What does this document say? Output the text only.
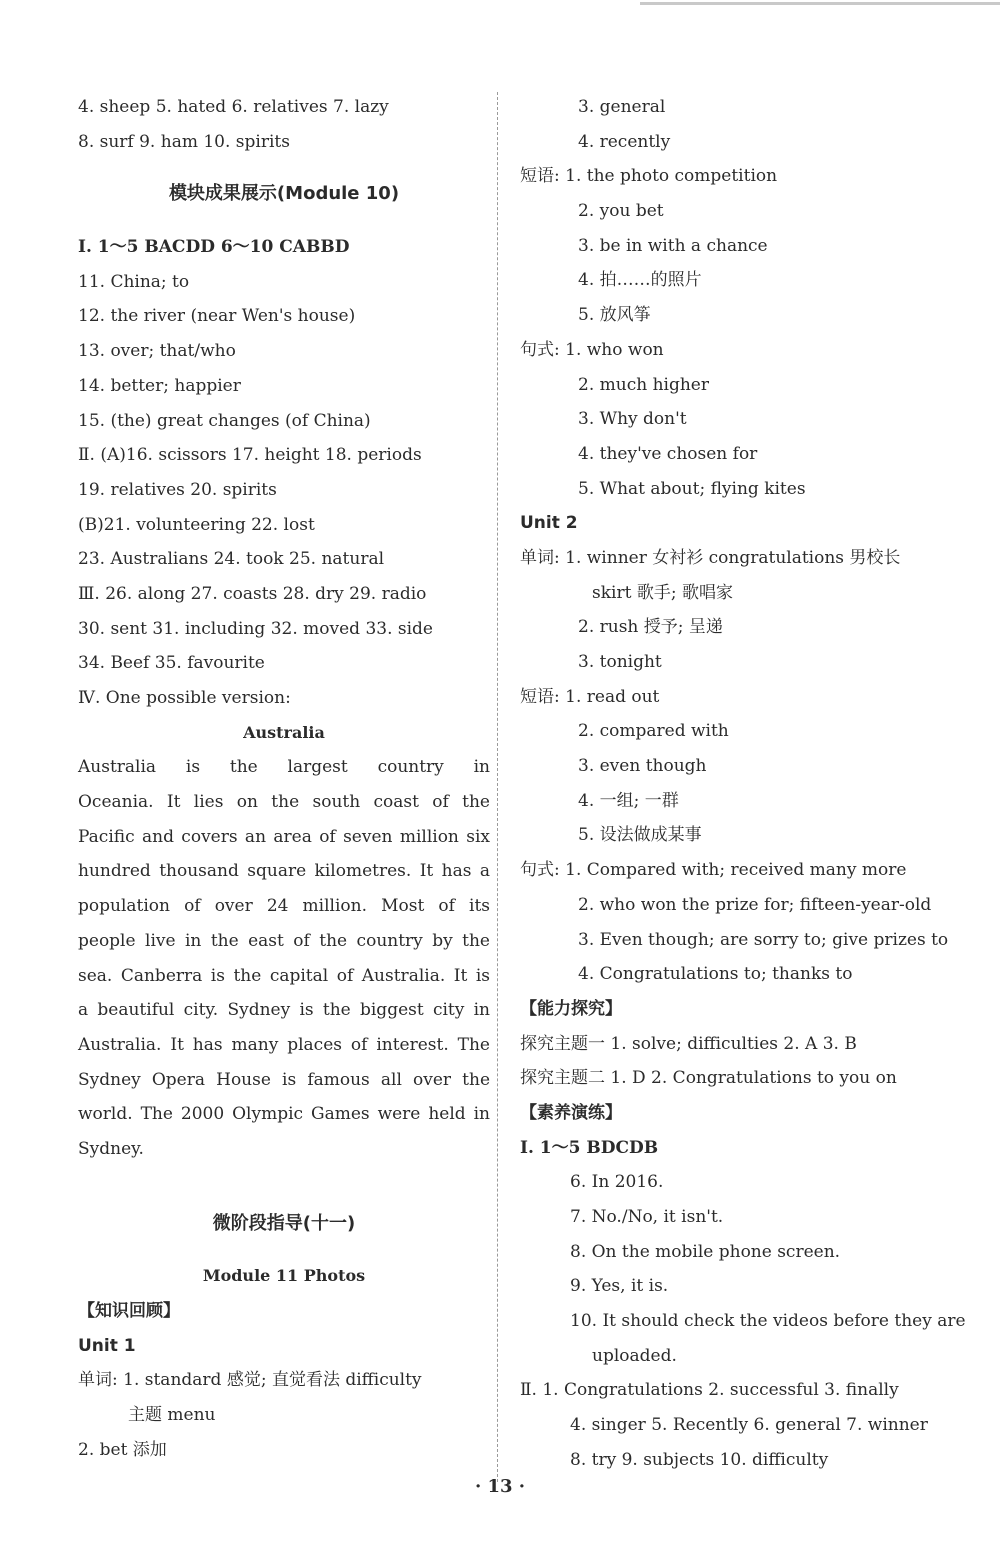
4. sheep 5. hated 6. relatives 7. lazy
8. surf 9. ham 10. spirits
模块成果展示(Module 10)
Ⅰ. 1～5 BACDD 6～10 CABBD
11. China; to
12. the river (near Wen's house)
13. over; that/who
14. better; happier
15. (the) great changes (of China)
Ⅱ. (A)16. scissors 17. height 18. periods
19. relatives 20. spirits
(B)21. volunteering 22. lost
23. Australians 24. took 25. natural
Ⅲ. 26. along 27. coasts 28. dry 29. radio
30. sent 31. including 32. moved 33. side
34. Beef 35. favourite
Ⅳ. One possible version:
Australia
Australia is the largest country in
Oceania. It lies on the south coast of the
Pacific and covers an area of seven million six
hundred thousand square kilometres. It has a
population of over 24 million. Most of its
people live in the east of the country by the
sea. Canberra is the capital of Australia. It is
a beautiful city. Sydney is the biggest city in
Australia. It has many places of interest. The
Sydney Opera House is famous all over the
world. The 2000 Olympic Games were held in
Sydney.
微阶段指导(十一)
Module 11 Photos
【知识回顾】
Unit 1
单词: 1. standard 感觉; 直觉看法 difficulty
主题 menu
2. bet 添加
3. general
4. recently
短语: 1. the photo competition
2. you bet
3. be in with a chance
4. 拍……的照片
5. 放风筝
句式: 1. who won
2. much higher
3. Why don't
4. they've chosen for
5. What about; flying kites
Unit 2
单词: 1. winner 女衬衫 congratulations 男校长
skirt 歌手; 歌唱家
2. rush 授予; 呈递
3. tonight
短语: 1. read out
2. compared with
3. even though
4. 一组; 一群
5. 设法做成某事
句式: 1. Compared with; received many more
2. who won the prize for; fifteen-year-old
3. Even though; are sorry to; give prizes to
4. Congratulations to; thanks to
【能力探究】
探究主题一 1. solve; difficulties 2. A 3. B
探究主题二 1. D 2. Congratulations to you on
【素养演练】
Ⅰ. 1～5 BDCDB
6. In 2016.
7. No./No, it isn't.
8. On the mobile phone screen.
9. Yes, it is.
10. It should check the videos before they are
uploaded.
Ⅱ. 1. Congratulations 2. successful 3. finally
4. singer 5. Recently 6. general 7. winner
8. try 9. subjects 10. difficulty
· 13 ·
